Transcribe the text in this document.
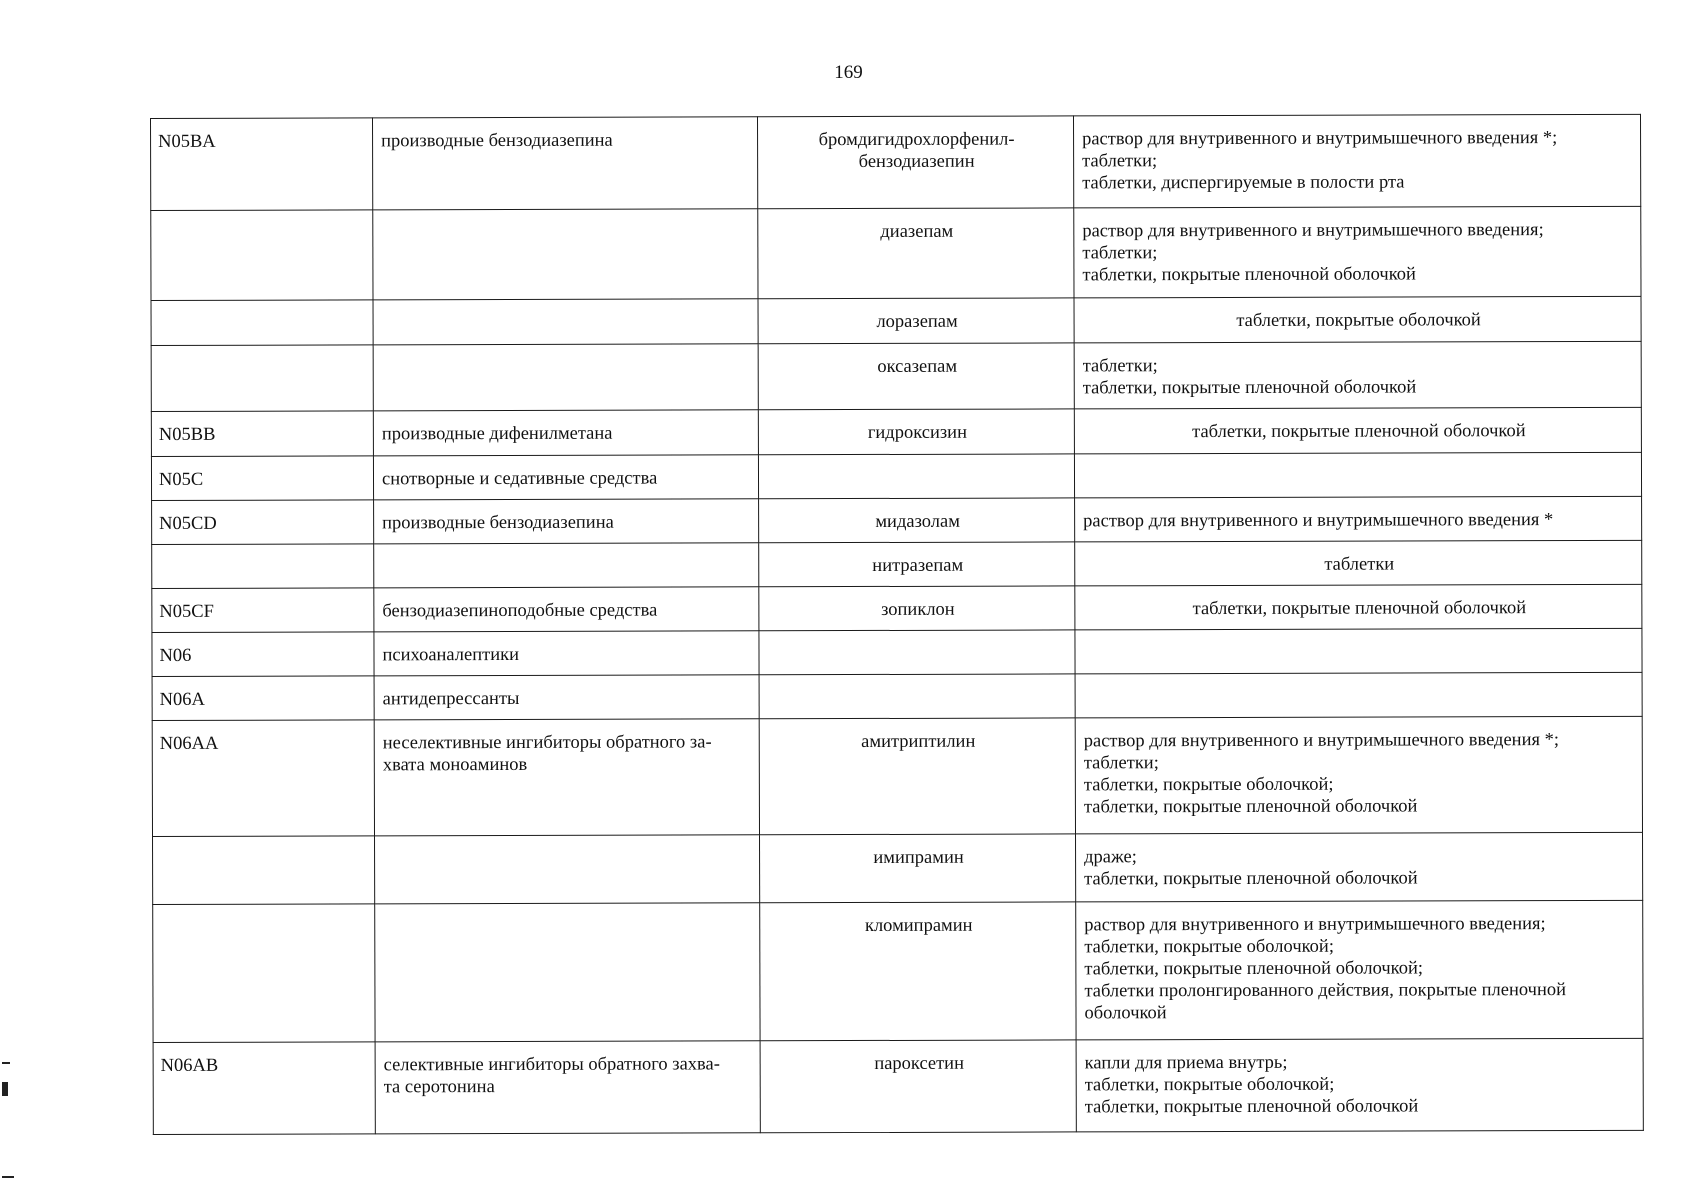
169
N05BA	производные бензодиазепина	бромдигидрохлорфенил-
бензодиазепин	раствор для внутривенного и внутримышечного введения *;
таблетки;
таблетки, диспергируемые в полости рта

		диазепам	раствор для внутривенного и внутримышечного введения;
таблетки;
таблетки, покрытые пленочной оболочкой

		лоразепам	таблетки, покрытые оболочкой

		оксазепам	таблетки;
таблетки, покрытые пленочной оболочкой

N05BB	производные дифенилметана	гидроксизин	таблетки, покрытые пленочной оболочкой

N05C	снотворные и седативные средства		
N05CD	производные бензодиазепина	мидазолам	раствор для внутривенного и внутримышечного введения *

		нитразепам	таблетки

N05CF	бензодиазепиноподобные средства	зопиклон	таблетки, покрытые пленочной оболочкой

N06	психоаналептики		
N06A	антидепрессанты		
N06AA	неселективные ингибиторы обратного за-
хвата моноаминов	амитриптилин	раствор для внутривенного и внутримышечного введения *;
таблетки;
таблетки, покрытые оболочкой;
таблетки, покрытые пленочной оболочкой

		имипрамин	драже;
таблетки, покрытые пленочной оболочкой

		кломипрамин	раствор для внутривенного и внутримышечного введения;
таблетки, покрытые оболочкой;
таблетки, покрытые пленочной оболочкой;
таблетки пролонгированного действия, покрытые пленочной
оболочкой

N06AB	селективные ингибиторы обратного захва-
та серотонина	пароксетин	капли для приема внутрь;
таблетки, покрытые оболочкой;
таблетки, покрытые пленочной оболочкой
